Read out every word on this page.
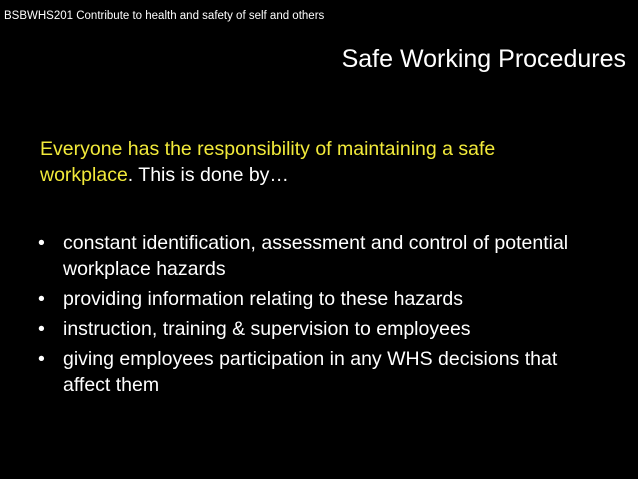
BSBWHS201 Contribute to health and safety of self and others
Safe Working Procedures
Everyone has the responsibility of maintaining a safe
workplace. This is done by…
• constant identification, assessment and control of potential workplace hazards
• providing information relating to these hazards
• instruction, training & supervision to employees
• giving employees participation in any WHS decisions that affect them
